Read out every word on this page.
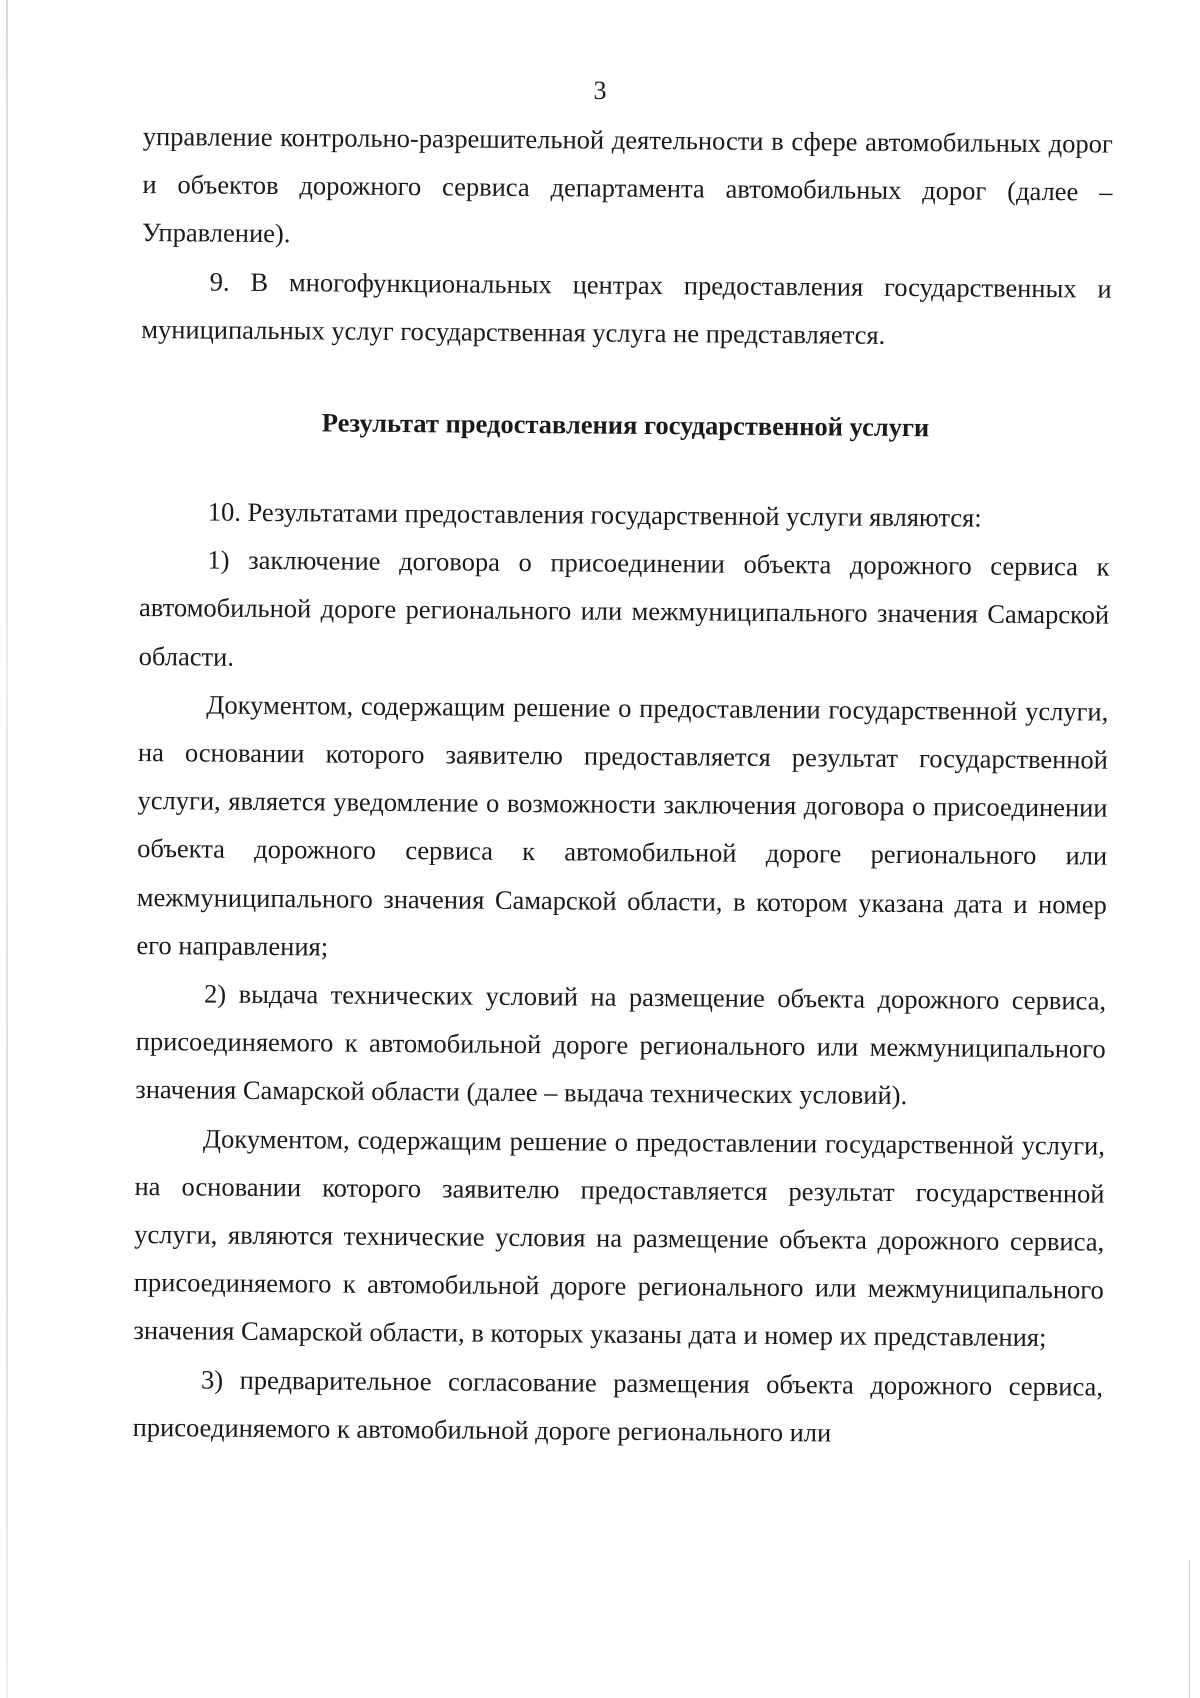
3

управление контрольно-разрешительной деятельности в сфере автомобильных дорог и объектов дорожного сервиса департамента автомобильных дорог (далее – Управление).

9. В многофункциональных центрах предоставления государственных и муниципальных услуг государственная услуга не представляется.

Результат предоставления государственной услуги

10. Результатами предоставления государственной услуги являются:

1) заключение договора о присоединении объекта дорожного сервиса к автомобильной дороге регионального или межмуниципального значения Самарской области.

Документом, содержащим решение о предоставлении государственной услуги, на основании которого заявителю предоставляется результат государственной услуги, является уведомление о возможности заключения договора о присоединении объекта дорожного сервиса к автомобильной дороге регионального или межмуниципального значения Самарской области, в котором указана дата и номер его направления;

2) выдача технических условий на размещение объекта дорожного сервиса, присоединяемого к автомобильной дороге регионального или межмуниципального значения Самарской области (далее – выдача технических условий).

Документом, содержащим решение о предоставлении государственной услуги, на основании которого заявителю предоставляется результат государственной услуги, являются технические условия на размещение объекта дорожного сервиса, присоединяемого к автомобильной дороге регионального или межмуниципального значения Самарской области, в которых указаны дата и номер их представления;

3) предварительное согласование размещения объекта дорожного сервиса, присоединяемого к автомобильной дороге регионального или
